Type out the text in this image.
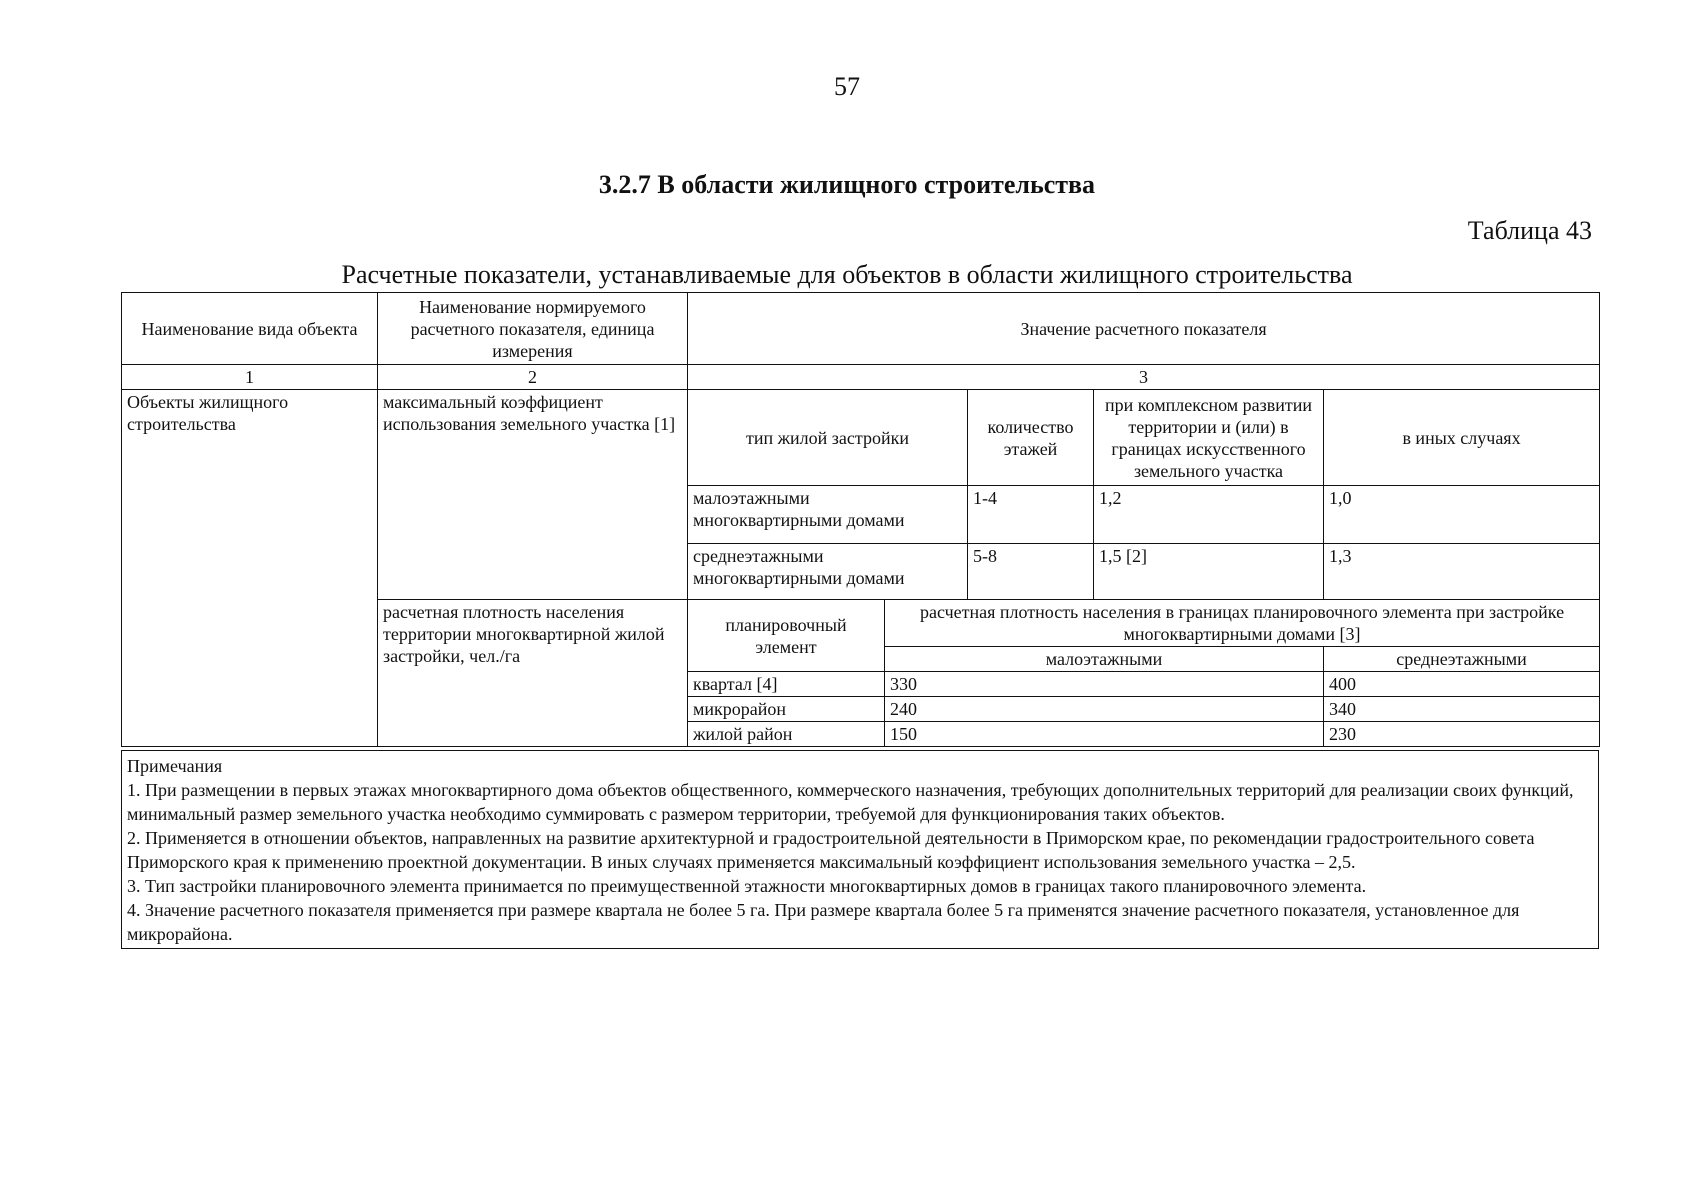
57
3.2.7 В области жилищного строительства
Таблица 43
Расчетные показатели, устанавливаемые для объектов в области жилищного строительства
Наименование вида объекта	Наименование нормируемого расчетного показателя, единица измерения	Значение расчетного показателя				
1	2	3				
Объекты жилищного строительства	максимальный коэффициент использования земельного участка [1]	тип жилой застройки		количество этажей	при комплексном развитии территории и (или) в границах искусственного земельного участка	в иных случаях
		малоэтажными многоквартирными домами		1-4	1,2	1,0
		среднеэтажными многоквартирными домами		5-8	1,5 [2]	1,3
	расчетная плотность населения территории многоквартирной жилой застройки, чел./га	планировочный элемент	расчетная плотность населения в границах планировочного элемента при застройке многоквартирными домами [3]			
			малоэтажными			среднеэтажными
		квартал [4]	330			400
		микрорайон	240			340
		жилой район	150			230

Примечания

1. При размещении в первых этажах многоквартирного дома объектов общественного, коммерческого назначения, требующих дополнительных территорий для реализации своих функций, минимальный размер земельного участка необходимо суммировать с размером территории, требуемой для функционирования таких объектов.

2. Применяется в отношении объектов, направленных на развитие архитектурной и градостроительной деятельности в Приморском крае, по рекомендации градостроительного совета Приморского края к применению проектной документации. В иных случаях применяется максимальный коэффициент использования земельного участка – 2,5.

3. Тип застройки планировочного элемента принимается по преимущественной этажности многоквартирных домов в границах такого планировочного элемента.

4. Значение расчетного показателя применяется при размере квартала не более 5 га. При размере квартала более 5 га применятся значение расчетного показателя, установленное для микрорайона.
